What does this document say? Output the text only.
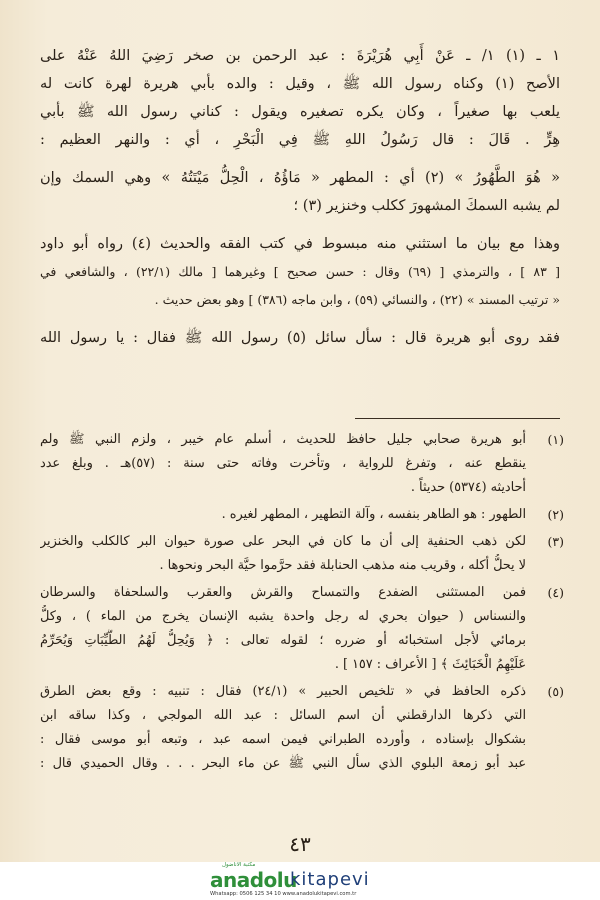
١ ـ (١) ١/ ـ عَنْ أَبِي هُرَيْرَةَ : عبد الرحمن بن صخر رَضِيَ اللهُ عَنْهُ على
الأصح (١) وكناه رسول الله ﷺ ، وقيل : والده بأبي هريرة لهرة كانت له
يلعب بها صغيراً ، وكان يكره تصغيره ويقول : كناني رسول الله ﷺ بأبي
هِرٍّ . قَالَ : قال رَسُولُ اللهِ ﷺ فِي الْبَحْرِ ، أي : والنهر العظيم :
« هُوَ الطَّهُورُ » (٢) أي : المطهر « مَاؤُهُ ، الْحِلُّ مَيْتَتُهُ » وهي السمك وإن
لم يشبه السمكَ المشهورَ ككلب وخنزير (٣) ؛
وهذا مع بيان ما استثني منه مبسوط في كتب الفقه والحديث (٤) رواه أبو داود
[ ٨٣ ] ، والترمذي [ (٦٩) وقال : حسن صحيح ] وغيرهما [ مالك (٢٢/١) ، والشافعي في
« ترتيب المسند » (٢٢) ، والنسائي (٥٩) ، وابن ماجه (٣٨٦) ] وهو بعض حديث .
فقد روى أبو هريرة قال : سأل سائل (٥) رسول الله ﷺ فقال : يا رسول الله
(١)
أبو هريرة صحابي جليل حافظ للحديث ، أسلم عام خيبر ، ولزم النبي ﷺ ولم
ينقطع عنه ، وتفرغ للرواية ، وتأخرت وفاته حتى سنة : (٥٧)هـ . وبلغ عدد
أحاديثه (٥٣٧٤) حديثاً .
(٢)
الطهور : هو الطاهر بنفسه ، وآلة التطهير ، المطهر لغيره .
(٣)
لكن ذهب الحنفية إلى أن ما كان في البحر على صورة حيوان البر كالكلب والخنزير
لا يحلُّ أكله ، وقريب منه مذهب الحنابلة فقد حرَّموا حيَّة البحر ونحوها .
(٤)
فمن المستثنى الضفدع والتمساح والقرش والعقرب والسلحفاة والسرطان
والنسناس ( حيوان بحري له رجل واحدة يشبه الإنسان يخرج من الماء ) ، وكلُّ
برمائي لأجل استخبائه أو ضرره ؛ لقوله تعالى : ﴿ وَيُحِلُّ لَهُمُ الطَّيِّبَاتِ وَيُحَرِّمُ
عَلَيْهِمُ الْخَبَائِثَ ﴾ [ الأعراف : ١٥٧ ] .
(٥)
ذكره الحافظ في « تلخيص الحبير » (٢٤/١) فقال : تنبيه : وقع بعض الطرق
التي ذكرها الدارقطني أن اسم السائل : عبد الله المولجي ، وكذا ساقه ابن
بشكوال بإسناده ، وأورده الطبراني فيمن اسمه عبد ، وتبعه أبو موسى فقال :
عبد أبو زمعة البلوي الذي سأل النبي ﷺ عن ماء البحر . . . وقال الحميدي قال :
٤٣
مكتبة الاناضول
anadolu
kitapevi
Whatsapp: 0506 125 34 10 www.anadolukitapevi.com.tr
